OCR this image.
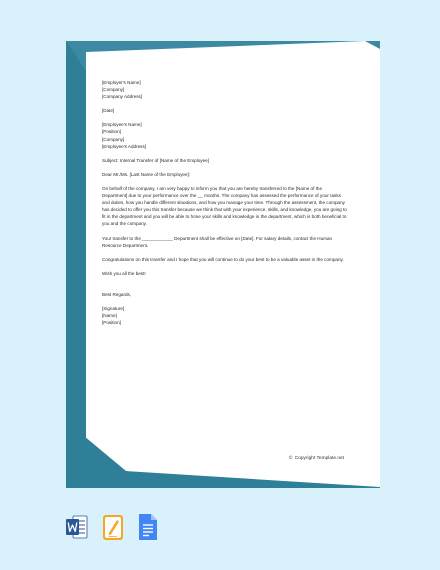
[Employer's Name]
[Company]
[Company Address]
[Date]
[Employee's Name]
[Position]
[Company]
[Employee's Address]
Subject: Internal Transfer of [Name of the Employee]
Dear Mr./Ms. [Last Name of the Employee]:
On behalf of the company, I am very happy to inform you that you are hereby transferred to the [Name of the Department] due to your performance over the __ months. The company has assessed the performance of your tasks and duties, how you handle different situations, and how you manage your time. Through the assessment, the company has decided to offer you this transfer because we think that with your experience, skills, and knowledge, you are going to fit in the department and you will be able to hone your skills and knowledge in the department, which is both beneficial to you and the company.
Your transfer to the ____________ Department shall be effective on [Date]. For salary details, contact the Human Resource Department.
Congratulations on this transfer and I hope that you will continue to do your best to be a valuable asset in the company.
Wish you all the best!
Best Regards,
[Signature]
[Name]
[Position]
© Copyright Template.net
